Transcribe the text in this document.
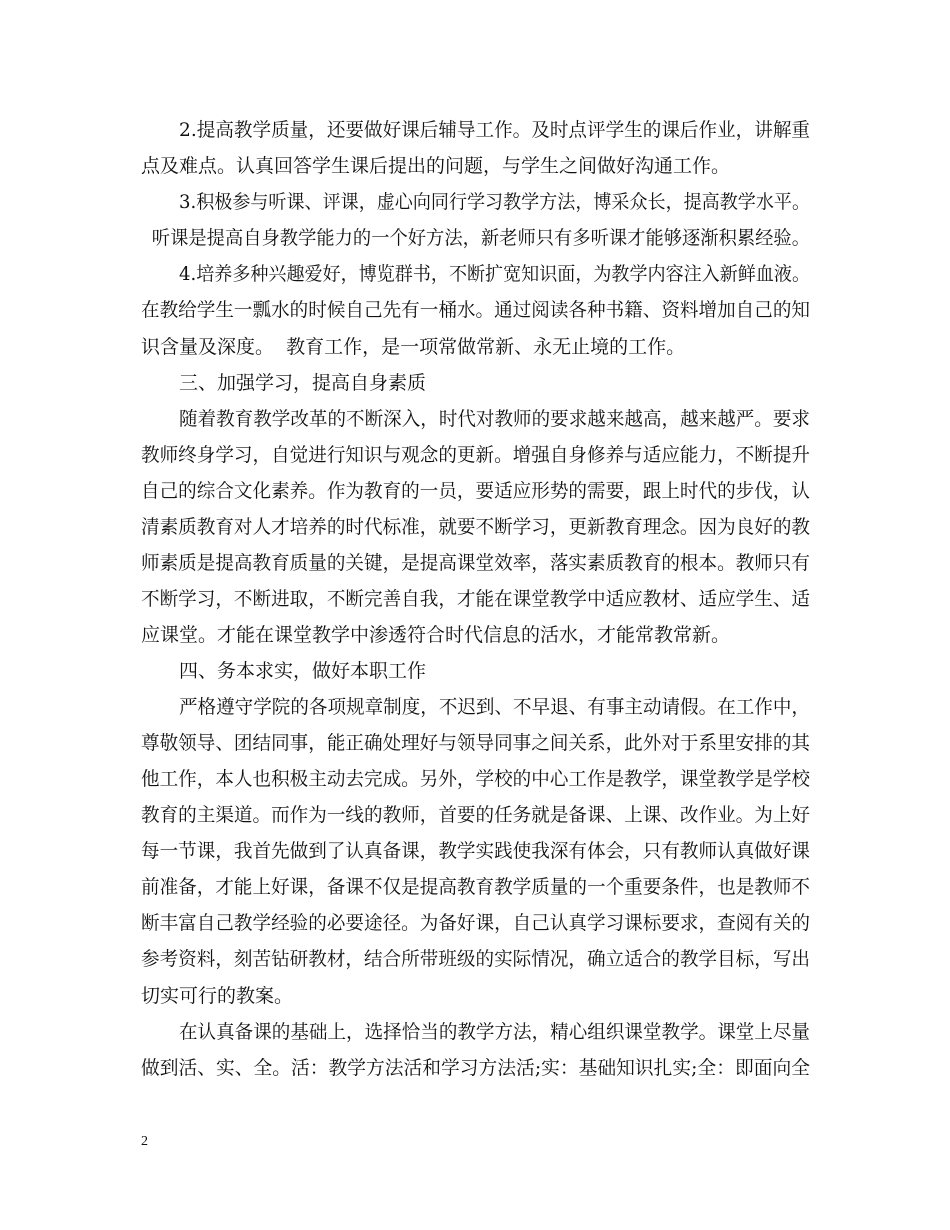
2.提高教学质量，还要做好课后辅导工作。及时点评学生的课后作业，讲解重
点及难点。认真回答学生课后提出的问题，与学生之间做好沟通工作。
3.积极参与听课、评课，虚心向同行学习教学方法，博采众长，提高教学水平。
听课是提高自身教学能力的一个好方法，新老师只有多听课才能够逐渐积累经验。
4.培养多种兴趣爱好，博览群书，不断扩宽知识面，为教学内容注入新鲜血液。
在教给学生一瓢水的时候自己先有一桶水。通过阅读各种书籍、资料增加自己的知
识含量及深度。  教育工作，是一项常做常新、永无止境的工作。
三、加强学习，提高自身素质
随着教育教学改革的不断深入，时代对教师的要求越来越高，越来越严。要求
教师终身学习，自觉进行知识与观念的更新。增强自身修养与适应能力，不断提升
自己的综合文化素养。作为教育的一员，要适应形势的需要，跟上时代的步伐，认
清素质教育对人才培养的时代标准，就要不断学习，更新教育理念。因为良好的教
师素质是提高教育质量的关键，是提高课堂效率，落实素质教育的根本。教师只有
不断学习，不断进取，不断完善自我，才能在课堂教学中适应教材、适应学生、适
应课堂。才能在课堂教学中渗透符合时代信息的活水，才能常教常新。
四、务本求实，做好本职工作
严格遵守学院的各项规章制度，不迟到、不早退、有事主动请假。在工作中，
尊敬领导、团结同事，能正确处理好与领导同事之间关系，此外对于系里安排的其
他工作，本人也积极主动去完成。另外，学校的中心工作是教学，课堂教学是学校
教育的主渠道。而作为一线的教师，首要的任务就是备课、上课、改作业。为上好
每一节课，我首先做到了认真备课，教学实践使我深有体会，只有教师认真做好课
前准备，才能上好课，备课不仅是提高教育教学质量的一个重要条件，也是教师不
断丰富自己教学经验的必要途径。为备好课，自己认真学习课标要求，查阅有关的
参考资料，刻苦钻研教材，结合所带班级的实际情况，确立适合的教学目标，写出
切实可行的教案。
在认真备课的基础上，选择恰当的教学方法，精心组织课堂教学。课堂上尽量
做到活、实、全。活：教学方法活和学习方法活;实：基础知识扎实;全：即面向全
2
